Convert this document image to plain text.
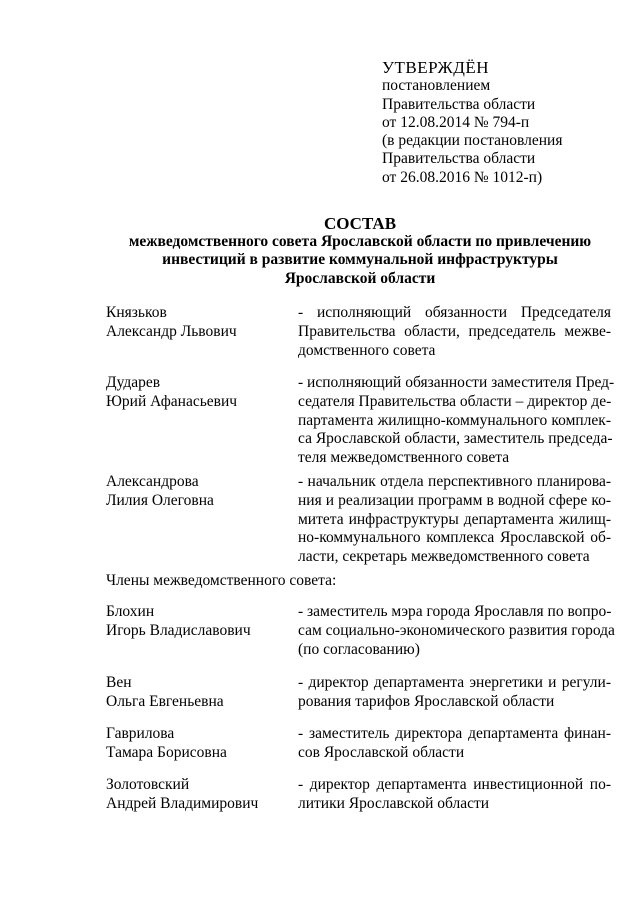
УТВЕРЖДЁН
постановлением
Правительства области
от 12.08.2014 № 794-п
(в редакции постановления
Правительства области
от 26.08.2016 № 1012-п)
СОСТАВ
межведомственного совета Ярославской области по привлечению
инвестиций в развитие коммунальной инфраструктуры
Ярославской области
Князьков
Александр Львович
- исполняющий обязанности Председателя
Правительства области, председатель межве-
домственного совета
Дударев
Юрий Афанасьевич
- исполняющий обязанности заместителя Пред-
седателя Правительства области – директор де-
партамента жилищно-коммунального комплек-
са Ярославской области, заместитель председа-
теля межведомственного совета
Александрова
Лилия Олеговна
- начальник отдела перспективного планирова-
ния и реализации программ в водной сфере ко-
митета инфраструктуры департамента жилищ-
но-коммунального комплекса Ярославской об-
ласти, секретарь межведомственного совета
Члены межведомственного совета:
Блохин
Игорь Владиславович
- заместитель мэра города Ярославля по вопро-
сам социально-экономического развития города
(по согласованию)
Вен
Ольга Евгеньевна
- директор департамента энергетики и регули-
рования тарифов Ярославской области
Гаврилова
Тамара Борисовна
- заместитель директора департамента финан-
сов Ярославской области
Золотовский
Андрей Владимирович
- директор департамента инвестиционной по-
литики Ярославской области
